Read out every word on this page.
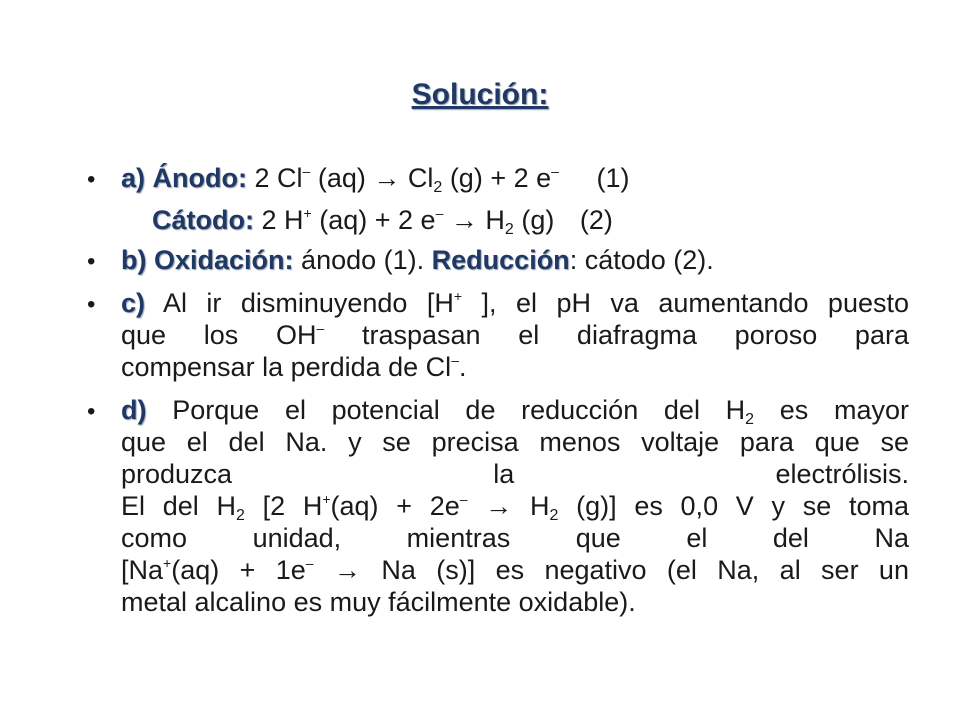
Solución:
• a) Ánodo: 2 Cl– $(aq) \to Cl_2$ (g) + 2 e– (1)
Cátodo: 2 H+ (aq) + 2 $e^- \to H_2$ (g) (2)
• b) Oxidación: ánodo (1). Reducción: cátodo (2).
• c) Al ir disminuyendo [H+ ], el pH va aumentando puesto
que los OH– traspasan el diafragma poroso para
compensar la perdida de Cl–.
• d) Porque el potencial de reducción del $H_2$ es mayor
que el del Na. y se precisa menos voltaje para que se
produzca la electrólisis.
El del $H_2$ [2 $H^+(aq) + 2e^- \to H_2$ (g)] es 0,0 V y se toma
como unidad, mientras que el del Na
[Na+(aq) + 1e– → Na (s)] es negativo (el Na, al ser un
metal alcalino es muy fácilmente oxidable).
